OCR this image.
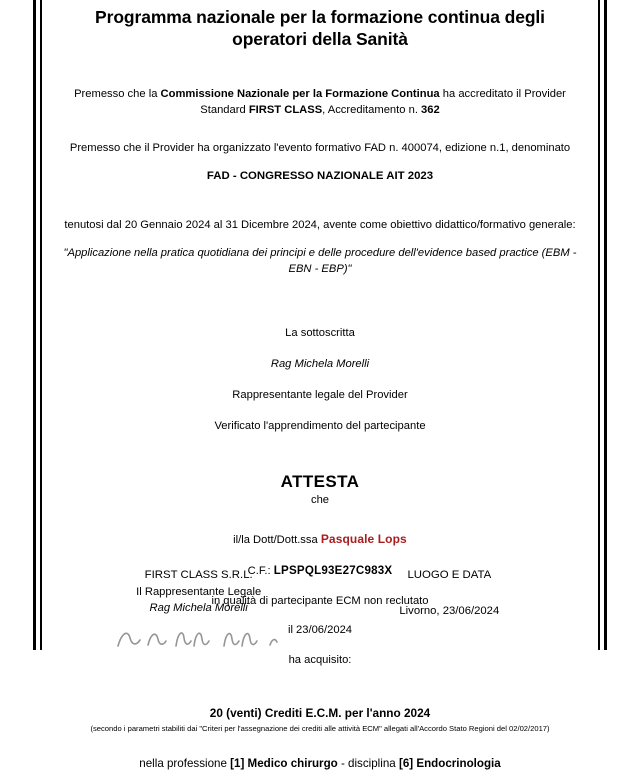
Programma nazionale per la formazione continua degli operatori della Sanità

Premesso che la Commissione Nazionale per la Formazione Continua ha accreditato il Provider Standard FIRST CLASS, Accreditamento n. 362

Premesso che il Provider ha organizzato l'evento formativo FAD n. 400074, edizione n.1, denominato

FAD - CONGRESSO NAZIONALE AIT 2023

tenutosi dal 20 Gennaio 2024 al 31 Dicembre 2024, avente come obiettivo didattico/formativo generale:

"Applicazione nella pratica quotidiana dei principi e delle procedure dell'evidence based practice (EBM - EBN - EBP)"

La sottoscritta

Rag Michela Morelli

Rappresentante legale del Provider

Verificato l'apprendimento del partecipante

ATTESTA

che

il/la Dott/Dott.ssa Pasquale Lops

C.F.: LPSPQL93E27C983X

in qualità di partecipante ECM non reclutato

il 23/06/2024

ha acquisito:

20 (venti) Crediti E.C.M. per l'anno 2024

(secondo i parametri stabiliti dai "Criteri per l'assegnazione dei crediti alle attività ECM" allegati all'Accordo Stato Regioni del 02/02/2017)

nella professione [1] Medico chirurgo - disciplina [6] Endocrinologia

FIRST CLASS S.R.L.
Il Rappresentante Legale
Rag Michela Morelli
LUOGO E DATA
Livorno, 23/06/2024
